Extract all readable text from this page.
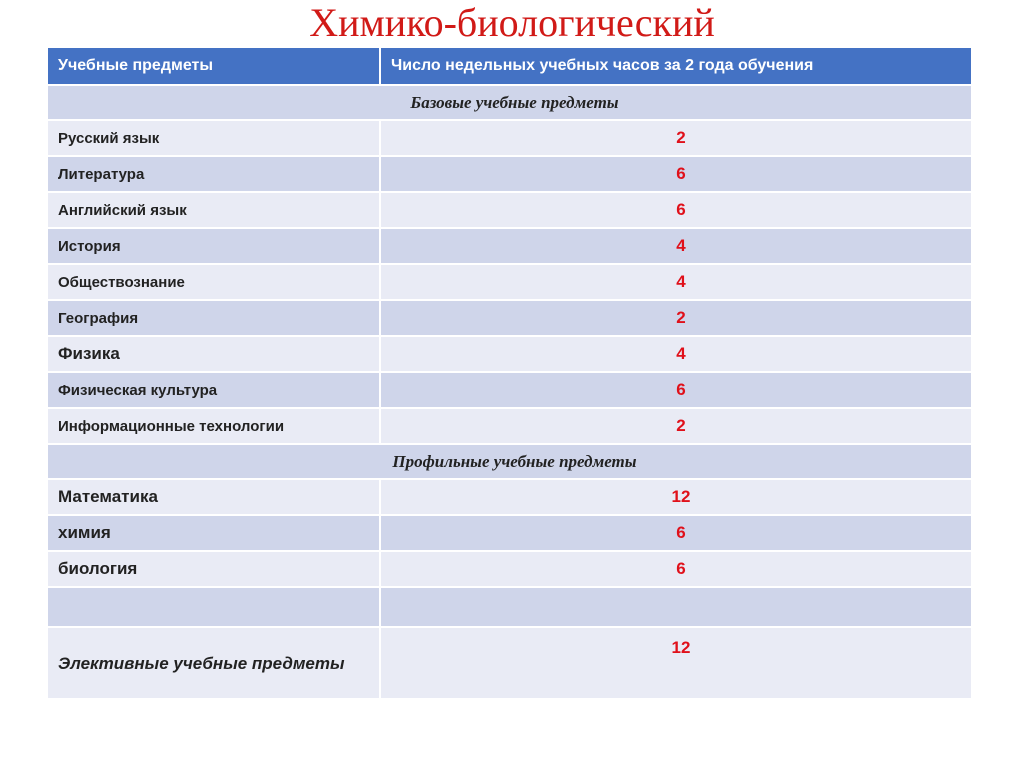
Химико-биологический
Учебные предметы	Число недельных учебных часов за 2 года обучения
Базовые учебные предметы	
Русский язык	2
Литература	6
Английский язык	6
История	4
Обществознание	4
География	2
Физика	4
Физическая культура	6
Информационные технологии	2
Профильные учебные предметы	
Математика	12
химия	6
биология	6

Элективные учебные предметы	12
